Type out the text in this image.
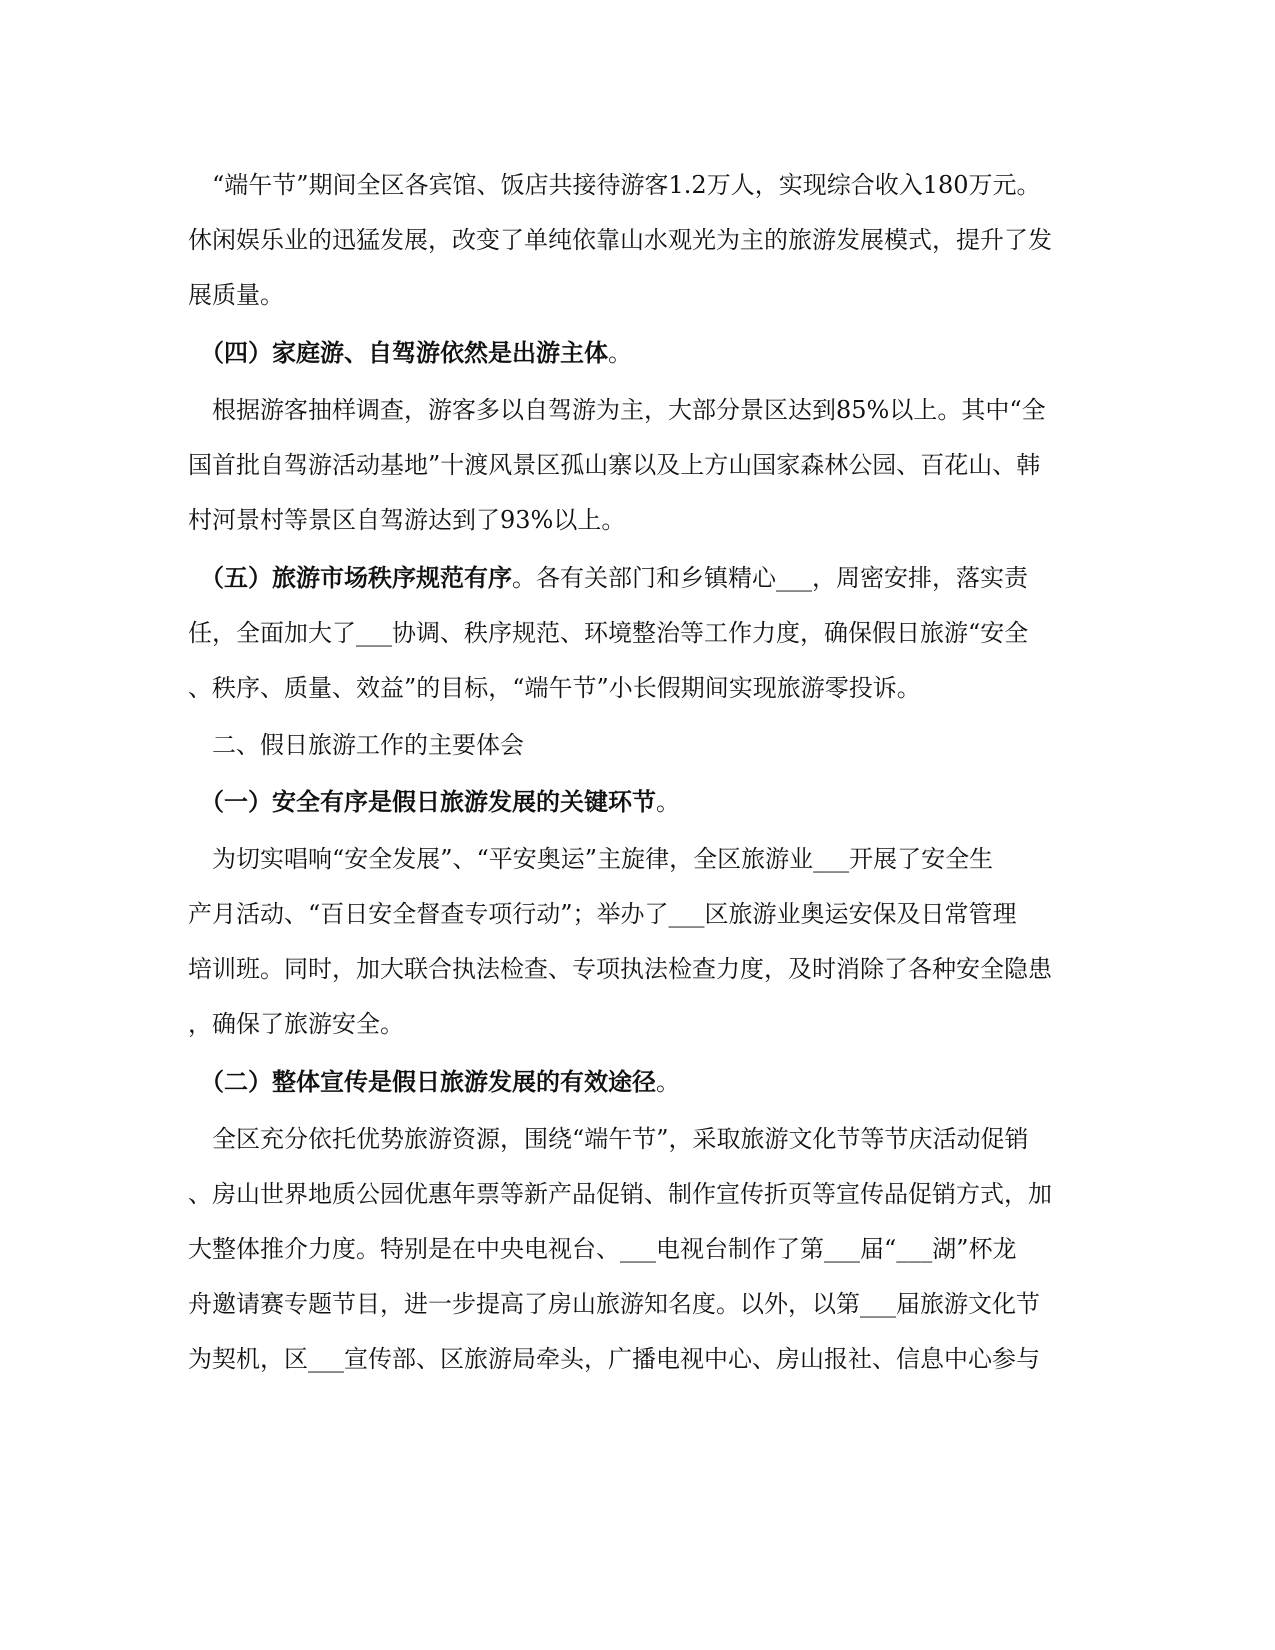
　“端午节”期间全区各宾馆、饭店共接待游客1.2万人，实现综合收入180万元。
休闲娱乐业的迅猛发展，改变了单纯依靠山水观光为主的旅游发展模式，提升了发
展质量。
　（四）家庭游、自驾游依然是出游主体。
　根据游客抽样调查，游客多以自驾游为主，大部分景区达到85%以上。其中“全
国首批自驾游活动基地”十渡风景区孤山寨以及上方山国家森林公园、百花山、韩
村河景村等景区自驾游达到了93%以上。
　（五）旅游市场秩序规范有序。各有关部门和乡镇精心___，周密安排，落实责
任，全面加大了___协调、秩序规范、环境整治等工作力度，确保假日旅游“安全
、秩序、质量、效益”的目标，“端午节”小长假期间实现旅游零投诉。
　二、假日旅游工作的主要体会
　（一）安全有序是假日旅游发展的关键环节。
　为切实唱响“安全发展”、“平安奥运”主旋律，全区旅游业___开展了安全生
产月活动、“百日安全督查专项行动”；举办了___区旅游业奥运安保及日常管理
培训班。同时，加大联合执法检查、专项执法检查力度，及时消除了各种安全隐患
，确保了旅游安全。
　（二）整体宣传是假日旅游发展的有效途径。
　全区充分依托优势旅游资源，围绕“端午节”，采取旅游文化节等节庆活动促销
、房山世界地质公园优惠年票等新产品促销、制作宣传折页等宣传品促销方式，加
大整体推介力度。特别是在中央电视台、___电视台制作了第___届“___湖”杯龙
舟邀请赛专题节目，进一步提高了房山旅游知名度。以外，以第___届旅游文化节
为契机，区___宣传部、区旅游局牵头，广播电视中心、房山报社、信息中心参与
